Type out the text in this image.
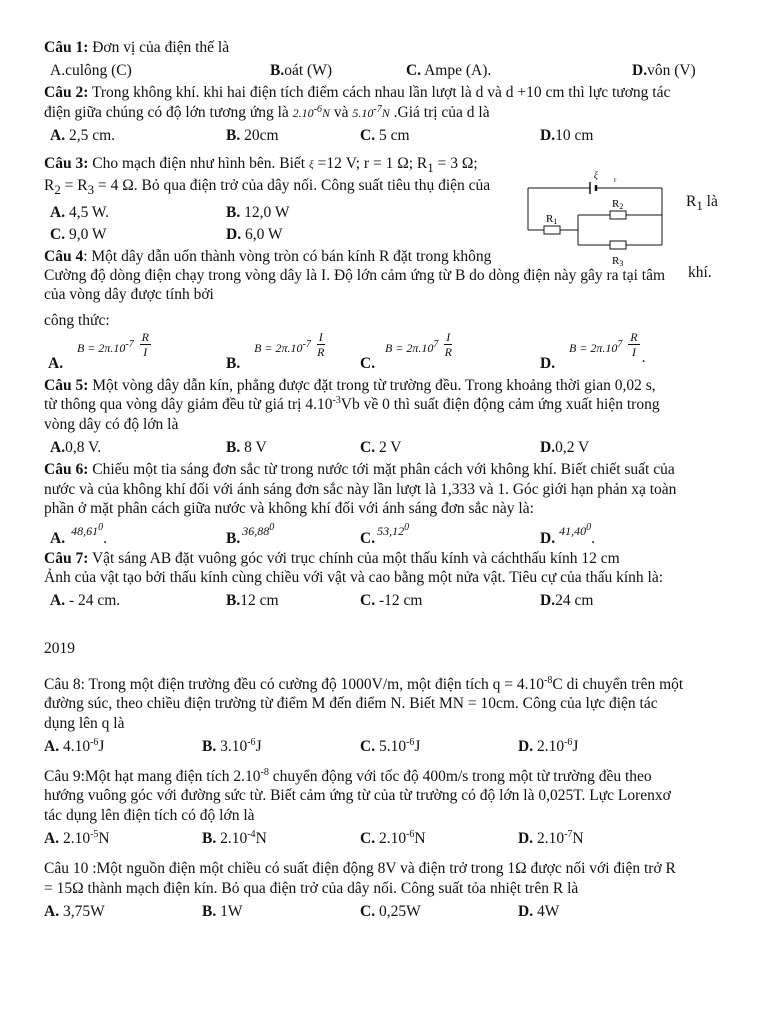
Câu 1: Đơn vị của điện thế là
A.culông (C)	B.oát (W)	C. Ampe (A).	D.vôn (V)
Câu 2: Trong không khí. khi hai điện tích điểm cách nhau lần lượt là d và d +10 cm thì lực tương tác
điện giữa chúng có độ lớn tương ứng là $2.10^{-6}N$ và $5.10^{-7}N$ .Giá trị của d là
A. 2,5 cm.	B. 20cm	C. 5 cm	D.10 cm
Câu 3: Cho mạch điện như hình bên. Biết ξ =12 V; r = 1 Ω; $R_1 = 3$ Ω;
$R_2 = R_3 = 4$ Ω. Bỏ qua điện trở của dây nối. Công suất tiêu thụ điện của
A. 4,5 W.	B. 12,0 W
C. 9,0 W	D. 6,0 W
Câu 4: Một dây dẫn uốn thành vòng tròn có bán kính R đặt trong không
Cường độ dòng điện chạy trong vòng dây là I. Độ lớn cảm ứng từ B do dòng điện này gây ra tại tâm
của vòng dây được tính bởi
công thức:
A. $B = 2\pi.10^{-7} \frac{R}{I}$
B. $B = 2\pi.10^{-7} \frac{I}{R}$
C. $B = 2\pi.10^7 \frac{I}{R}$
D. $B = 2\pi.10^7 \frac{R}{I}$ .
Câu 5: Một vòng dây dẫn kín, phẳng được đặt trong từ trường đều. Trong khoảng thời gian 0,02 s,
từ thông qua vòng dây giảm đều từ giá trị $4.10^{-3}Vb$ về 0 thì suất điện động cảm ứng xuất hiện trong
vòng dây có độ lớn là
A.0,8 V.	B. 8 V	C. 2 V	D.0,2 V
Câu 6: Chiếu một tia sáng đơn sắc từ trong nước tới mặt phân cách với không khí. Biết chiết suất của
nước và của không khí đối với ánh sáng đơn sắc này lần lượt là 1,333 và 1. Góc giới hạn phản xạ toàn
phần ở mặt phân cách giữa nước và không khí đối với ánh sáng đơn sắc này là:
A. $^{48,61^0}$.	B. $^{36,88^0}$
C. $^{53,12^0}$
D. $^{41,40^0}$.
Câu 7: Vật sáng AB đặt vuông góc với trục chính của một thấu kính và cáchthấu kính 12 cm
Ảnh của vật tạo bởi thấu kính cùng chiều với vật và cao bằng một nửa vật. Tiêu cự của thấu kính là:
A. - 24 cm.	B.12 cm	C. -12 cm	D.24 cm
2019
Câu 8: Trong một điện trường đều có cường độ 1000V/m, một điện tích $q = 4.10^{-8}C$ di chuyển trên một
đường súc, theo chiều điện trường từ điểm M đến điểm N. Biết MN = 10cm. Công của lực điện tác
dụng lên q là
A. $4.10^{-6}J$	B. $3.10^{-6}J$	C. $5.10^{-6}J$	D. $2.10^{-6}J$
Câu 9:Một hạt mang điện tích $2.10^{-8}$ chuyển động với tốc độ 400m/s trong một từ trường đều theo
hướng vuông góc với đường sức từ. Biết cảm ứng từ của từ trường có độ lớn là 0,025T. Lực Lorenxơ
tác dụng lên điện tích có độ lớn là
A. $2.10^{-5}N$	B. $2.10^{-4}N$	C. $2.10^{-6}N$	D. $2.10^{-7}N$
Câu 10 :Một nguồn điện một chiều có suất điện động 8V và điện trở trong 1Ω được nối với điện trở R
= 15Ω thành mạch điện kín. Bỏ qua điện trở của dây nối. Công suất tỏa nhiệt trên R là
A. 3,75W	B. 1W	C. 0,25W	D. 4W
ξ r
R1
R2
R3
$R_1$ là
khí.
